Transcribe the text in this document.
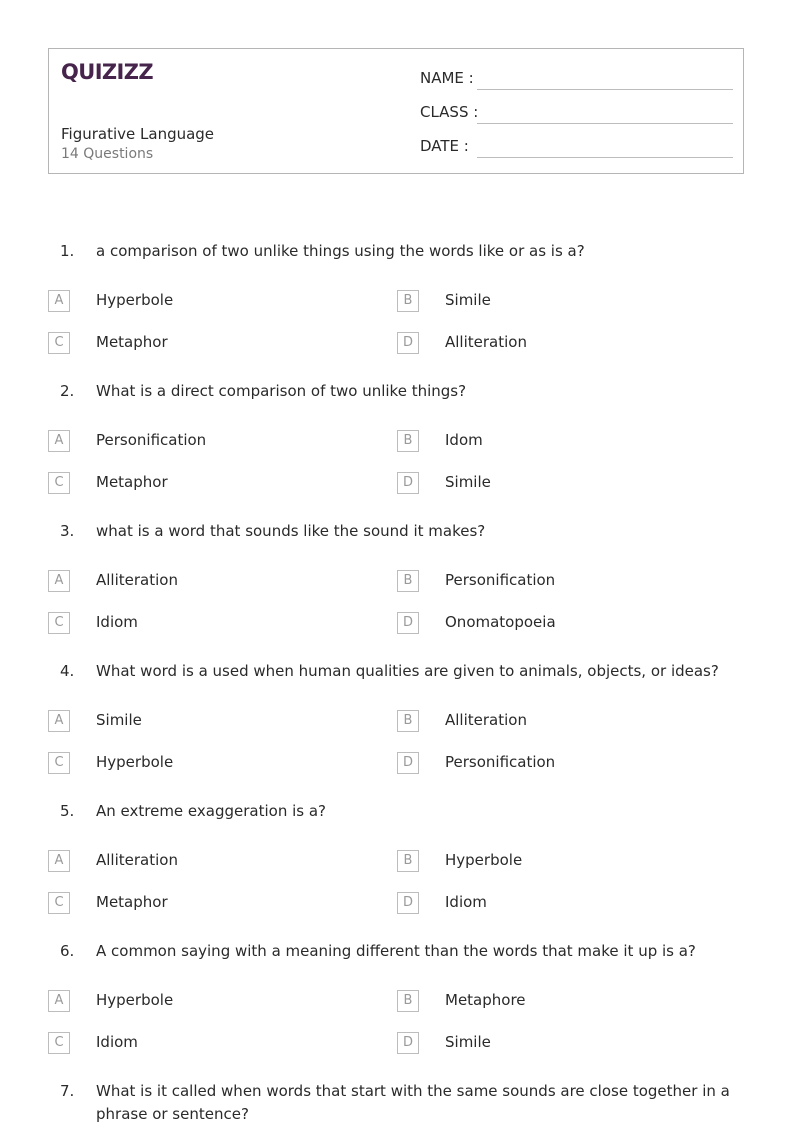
QUIZIZZ
Figurative Language
14 Questions
NAME :
CLASS :
DATE :
1. a comparison of two unlike things using the words like or as is a?
A	Hyperbole	B	Simile
C	Metaphor	D	Alliteration
2. What is a direct comparison of two unlike things?
A	Personification	B	Idom
C	Metaphor	D	Simile
3. what is a word that sounds like the sound it makes?
A	Alliteration	B	Personification
C	Idiom	D	Onomatopoeia
4. What word is a used when human qualities are given to animals, objects, or ideas?
A	Simile	B	Alliteration
C	Hyperbole	D	Personification
5. An extreme exaggeration is a?
A	Alliteration	B	Hyperbole
C	Metaphor	D	Idiom
6. A common saying with a meaning different than the words that make it up is a?
A	Hyperbole	B	Metaphore
C	Idiom	D	Simile
7. What is it called when words that start with the same sounds are close together in a phrase or sentence?
